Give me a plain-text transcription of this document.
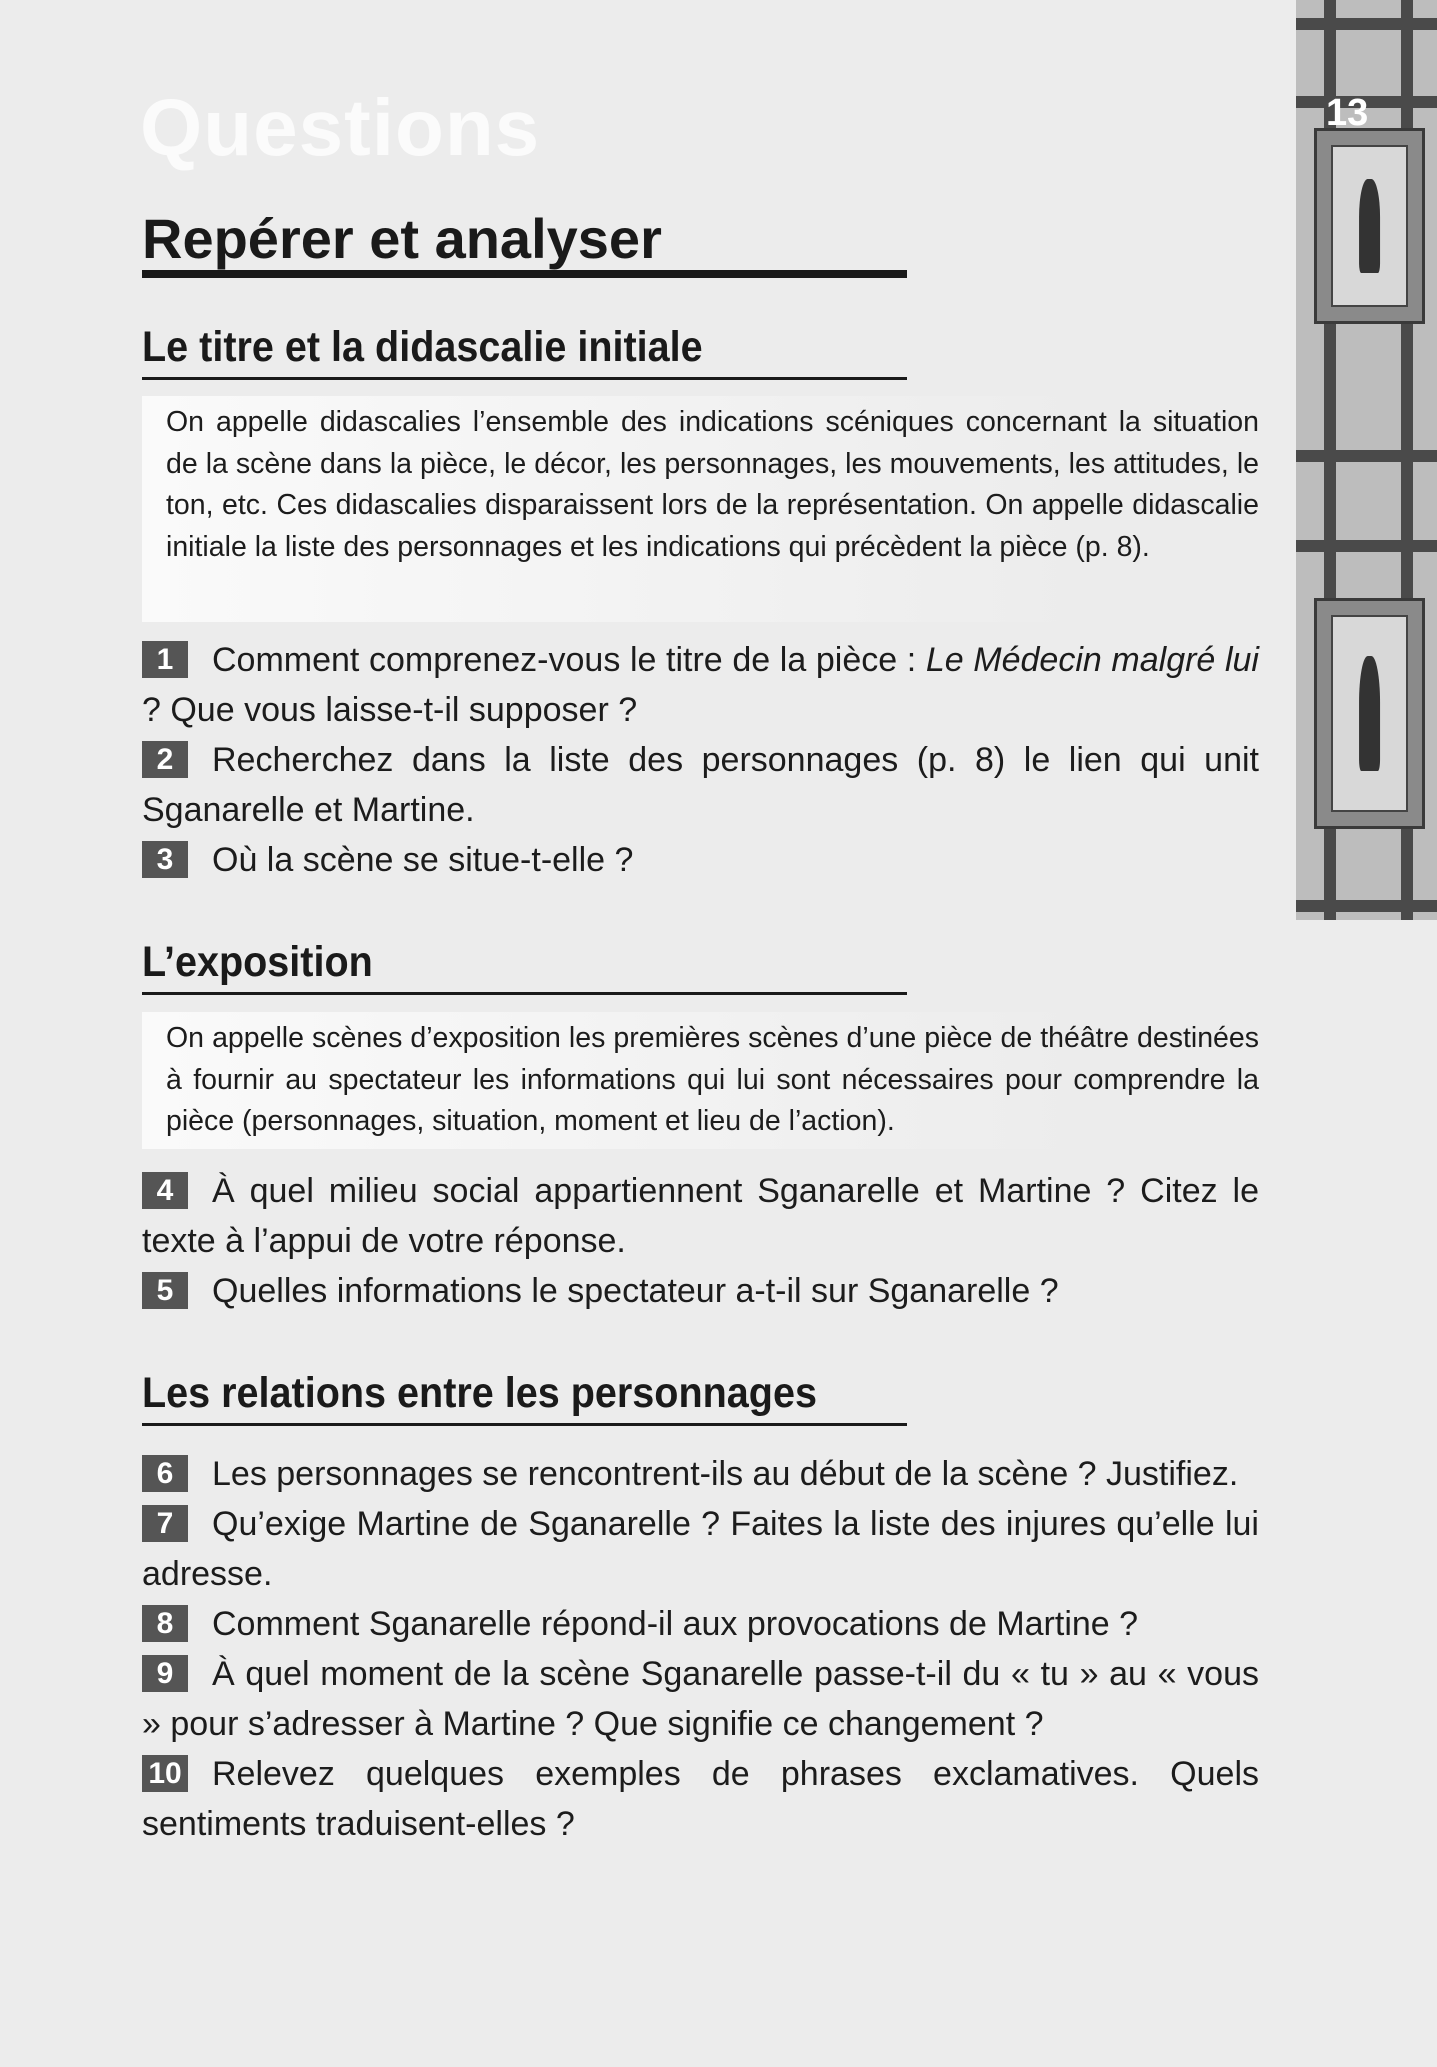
Questions
Repérer et analyser
Le titre et la didascalie initiale
On appelle didascalies l’ensemble des indications scéniques concernant la situation de la scène dans la pièce, le décor, les personnages, les mouvements, les attitudes, le ton, etc. Ces didascalies disparaissent lors de la représentation. On appelle didascalie initiale la liste des personnages et les indications qui précèdent la pièce (p. 8).

1 Comment comprenez-vous le titre de la pièce : Le Médecin malgré lui ? Que vous laisse-t-il supposer ?

2 Recherchez dans la liste des personnages (p. 8) le lien qui unit Sganarelle et Martine.

3 Où la scène se situe-t-elle ?

L’exposition
On appelle scènes d’exposition les premières scènes d’une pièce de théâtre destinées à fournir au spectateur les informations qui lui sont nécessaires pour comprendre la pièce (personnages, situation, moment et lieu de l’action).

4 À quel milieu social appartiennent Sganarelle et Martine ? Citez le texte à l’appui de votre réponse.

5 Quelles informations le spectateur a-t-il sur Sganarelle ?

Les relations entre les personnages

6 Les personnages se rencontrent-ils au début de la scène ? Justifiez.

7 Qu’exige Martine de Sganarelle ? Faites la liste des injures qu’elle lui adresse.

8 Comment Sganarelle répond-il aux provocations de Martine ?

9 À quel moment de la scène Sganarelle passe-t-il du « tu » au « vous » pour s’adresser à Martine ? Que signifie ce changement ?

10 Relevez quelques exemples de phrases exclamatives. Quels sentiments traduisent-elles ?

13
